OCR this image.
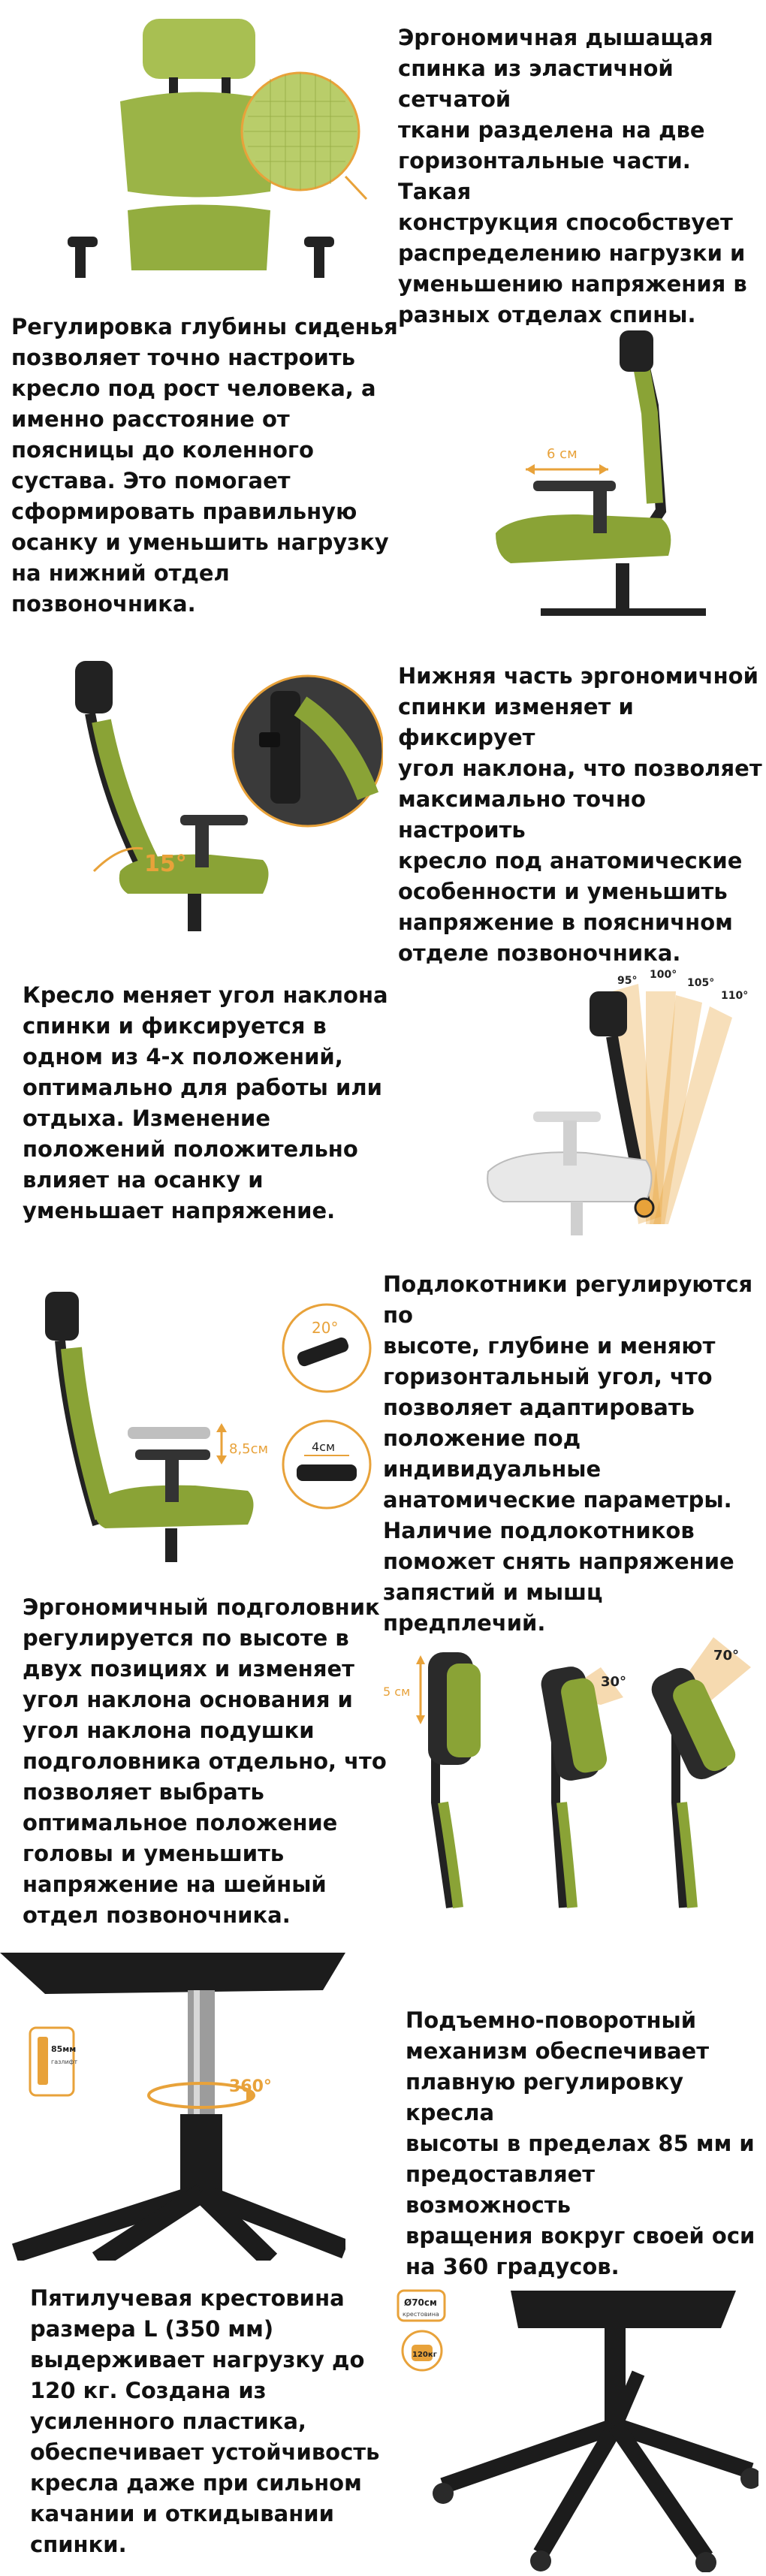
Эргономичная дышащая
спинка из эластичной сетчатой
ткани разделена на две
горизонтальные части. Такая
конструкция способствует
распределению нагрузки и
уменьшению напряжения в
разных отделах спины.

Регулировка глубины сиденья
позволяет точно настроить
кресло под рост человека, а
именно расстояние от
поясницы до коленного
сустава. Это помогает
сформировать правильную
осанку и уменьшить нагрузку
на нижний отдел
позвоночника.

6 см
15°

Нижняя часть эргономичной
спинки изменяет и фиксирует
угол наклона, что позволяет
максимально точно настроить
кресло под анатомические
особенности и уменьшить
напряжение в поясничном
отделе позвоночника.

Кресло меняет угол наклона
спинки и фиксируется в
одном из 4-х положений,
оптимально для работы или
отдыха. Изменение
положений положительно
влияет на осанку и
уменьшает напряжение.

95° 100°
105°
110°
8,5см
20°
4см

Подлокотники регулируются по
высоте, глубине и меняют
горизонтальный угол, что
позволяет адаптировать
положение под
индивидуальные
анатомические параметры.
Наличие подлокотников
поможет снять напряжение
запястий и мышц предплечий.

Эргономичный подголовник
регулируется по высоте в
двух позициях и изменяет
угол наклона основания и
угол наклона подушки
подголовника отдельно, что
позволяет выбрать
оптимальное положение
головы и уменьшить
напряжение на шейный
отдел позвоночника.

5 см
30°
70°
360°
85мм
газлифт

Подъемно-поворотный
механизм обеспечивает
плавную регулировку кресла
высоты в пределах 85 мм и
предоставляет возможность
вращения вокруг своей оси
на 360 градусов.

Пятилучевая крестовина
размера L (350 мм)
выдерживает нагрузку до
120 кг. Создана из
усиленного пластика,
обеспечивает устойчивость
кресла даже при сильном
качании и откидывании
спинки.

Ø70см
крестовина
120кг
